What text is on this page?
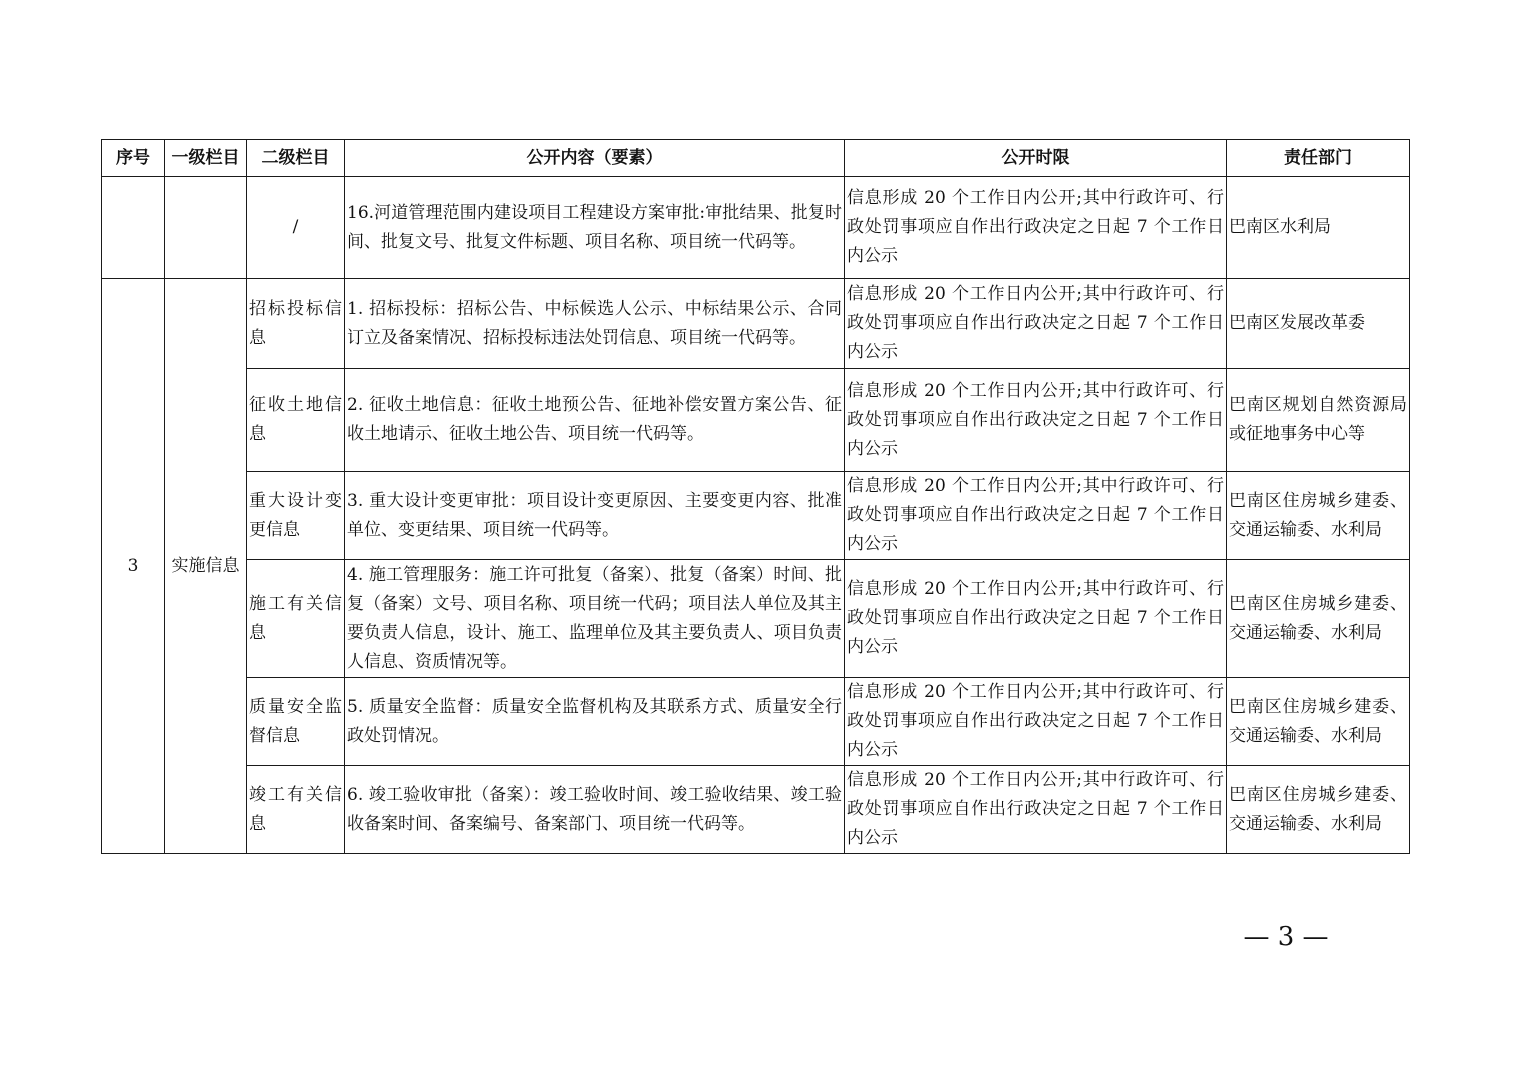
序号	一级栏目	二级栏目	公开内容（要素）	公开时限	责任部门
		/	16.河道管理范围内建设项目工程建设方案审批:审批结果、批复时间、批复文号、批复文件标题、项目名称、项目统一代码等。	信息形成 20 个工作日内公开;其中行政许可、行政处罚事项应自作出行政决定之日起 7 个工作日内公示	巴南区水利局
3	实施信息	招标投标信息	1. 招标投标：招标公告、中标候选人公示、中标结果公示、合同订立及备案情况、招标投标违法处罚信息、项目统一代码等。	信息形成 20 个工作日内公开;其中行政许可、行政处罚事项应自作出行政决定之日起 7 个工作日内公示	巴南区发展改革委
		征收土地信息	2. 征收土地信息：征收土地预公告、征地补偿安置方案公告、征收土地请示、征收土地公告、项目统一代码等。	信息形成 20 个工作日内公开;其中行政许可、行政处罚事项应自作出行政决定之日起 7 个工作日内公示	巴南区规划自然资源局或征地事务中心等
		重大设计变更信息	3. 重大设计变更审批：项目设计变更原因、主要变更内容、批准单位、变更结果、项目统一代码等。	信息形成 20 个工作日内公开;其中行政许可、行政处罚事项应自作出行政决定之日起 7 个工作日内公示	巴南区住房城乡建委、交通运输委、水利局
		施工有关信息	4. 施工管理服务：施工许可批复（备案）、批复（备案）时间、批复（备案）文号、项目名称、项目统一代码；项目法人单位及其主要负责人信息，设计、施工、监理单位及其主要负责人、项目负责人信息、资质情况等。	信息形成 20 个工作日内公开;其中行政许可、行政处罚事项应自作出行政决定之日起 7 个工作日内公示	巴南区住房城乡建委、交通运输委、水利局
		质量安全监督信息	5. 质量安全监督：质量安全监督机构及其联系方式、质量安全行政处罚情况。	信息形成 20 个工作日内公开;其中行政许可、行政处罚事项应自作出行政决定之日起 7 个工作日内公示	巴南区住房城乡建委、交通运输委、水利局
		竣工有关信息	6. 竣工验收审批（备案）：竣工验收时间、竣工验收结果、竣工验收备案时间、备案编号、备案部门、项目统一代码等。	信息形成 20 个工作日内公开;其中行政许可、行政处罚事项应自作出行政决定之日起 7 个工作日内公示	巴南区住房城乡建委、交通运输委、水利局
— 3 —
